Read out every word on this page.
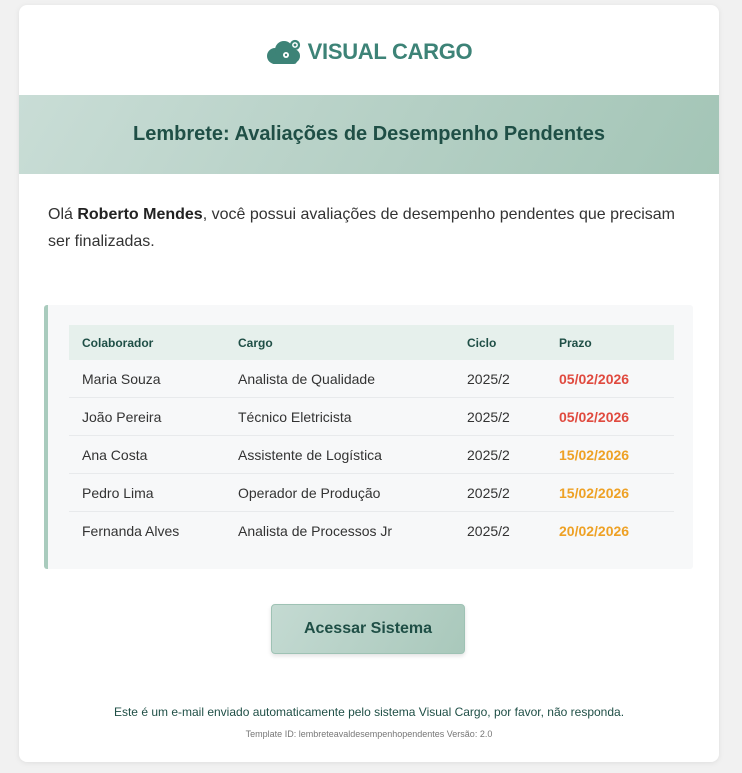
VISUAL CARGO
Lembrete: Avaliações de Desempenho Pendentes
Olá Roberto Mendes, você possui avaliações de desempenho pendentes que precisam ser finalizadas.
Colaborador	Cargo	Ciclo	Prazo
Maria Souza	Analista de Qualidade	2025/2	05/02/2026
João Pereira	Técnico Eletricista	2025/2	05/02/2026
Ana Costa	Assistente de Logística	2025/2	15/02/2026
Pedro Lima	Operador de Produção	2025/2	15/02/2026
Fernanda Alves	Analista de Processos Jr	2025/2	20/02/2026
Acessar Sistema
Este é um e-mail enviado automaticamente pelo sistema Visual Cargo, por favor, não responda.
Template ID: lembreteavaldesempenhopendentes Versão: 2.0
